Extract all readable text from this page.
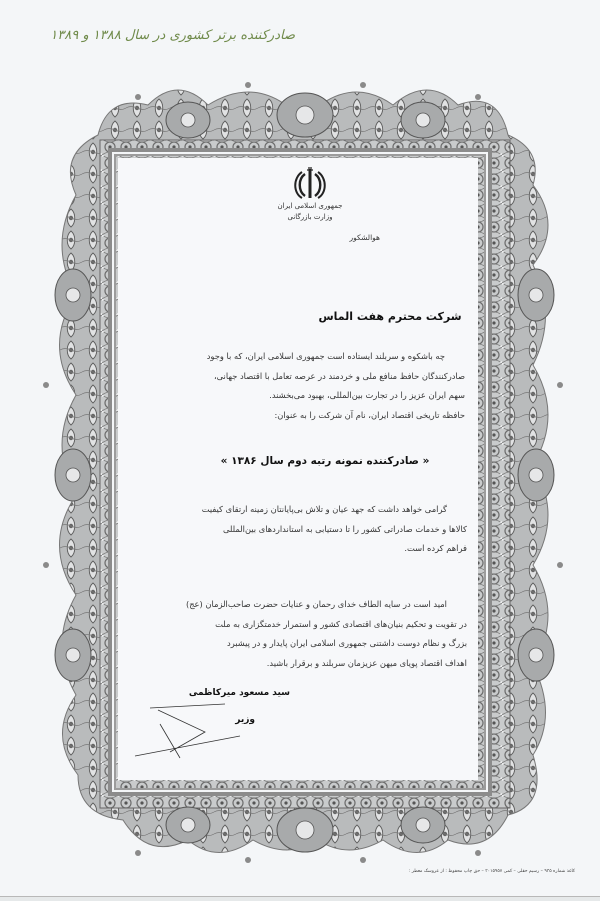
صادرکننده برتر کشوری در سال ۱۳۸۸ و ۱۳۸۹
جمهوری اسلامی ایران
وزارت بازرگانی
هوالشکور
شرکت محترم هفت الماس
چه باشکوه و سربلند ایستاده است جمهوری اسلامی ایران، که با وجود
صادرکنندگان حافظ منافع ملی و خردمند در عرصه تعامل با اقتصاد جهانی،
سهم ایران عزیز را در تجارت بین‌المللی، بهبود می‌بخشند.
حافظه تاریخی اقتصاد ایران، نام آن شرکت را به عنوان:
« صادرکننده نمونه رتبه دوم سال ۱۳۸۶ »
گرامی خواهد داشت که جهد عیان و تلاش بی‌پایانتان زمینه ارتقای کیفیت
کالاها و خدمات صادراتی کشور را تا دستیابی به استانداردهای بین‌المللی
فراهم کرده است.
امید است در سایه الطاف خدای رحمان و عنایات حضرت صاحب‌الزمان (عج)
در تقویت و تحکیم بنیان‌های اقتصادی کشور و استمرار خدمتگزاری به ملت
بزرگ و نظام دوست داشتنی جمهوری اسلامی ایران پایدار و در پیشبرد
اهداف اقتصاد پویای میهن عزیزمان سربلند و برقرار باشید.
سید مسعود میرکاظمی
وزیر
کاغذ شماره ۹۳۵ – رسیم حقلی – کمی ۳۰۱۵۹۵۷ – حق چاپ محفوظ : از عروسک معطر :
